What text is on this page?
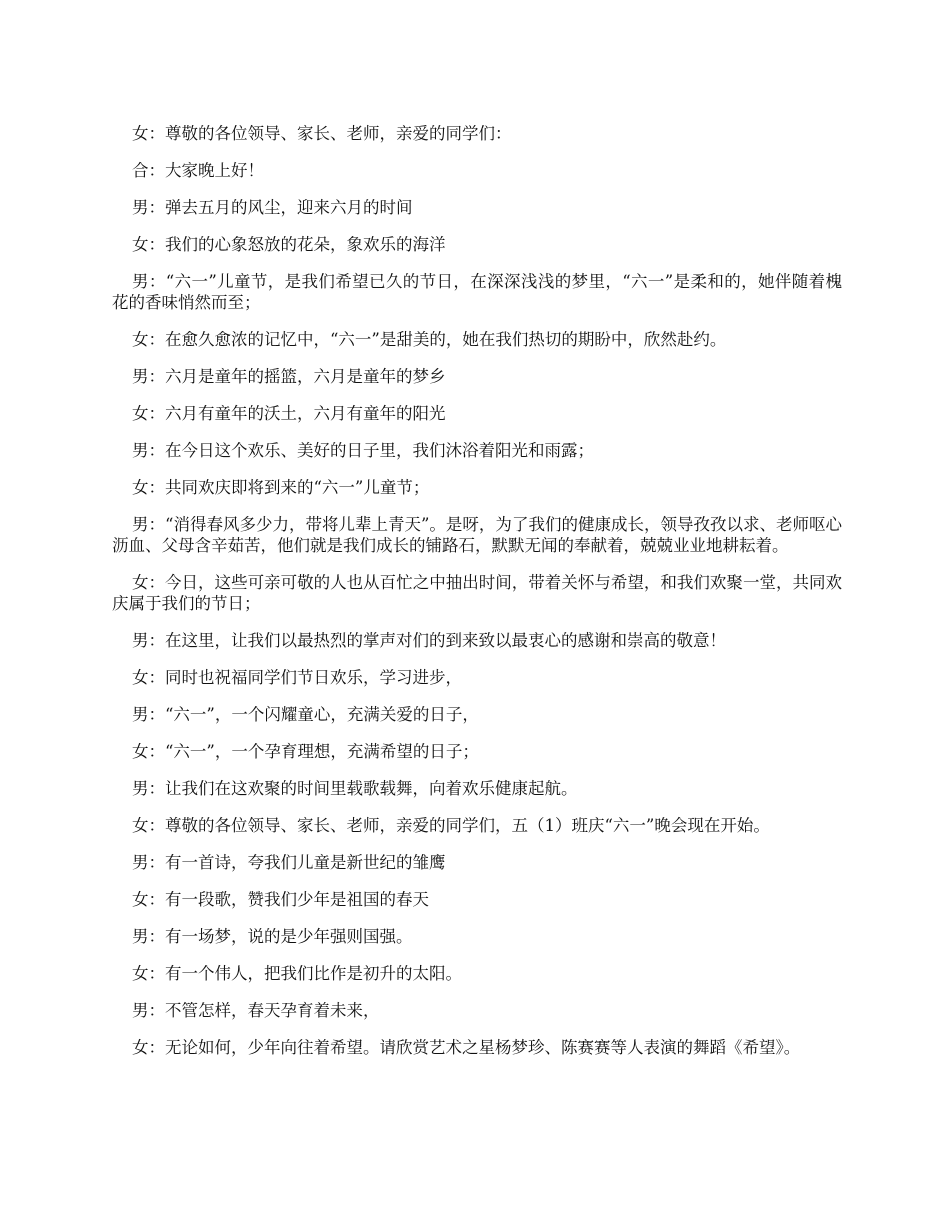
女：尊敬的各位领导、家长、老师，亲爱的同学们：

合：大家晚上好！

男：弹去五月的风尘，迎来六月的时间

女：我们的心象怒放的花朵，象欢乐的海洋

男：“六一”儿童节，是我们希望已久的节日，在深深浅浅的梦里，“六一”是柔和的，她伴随着槐花的香味悄然而至；

女：在愈久愈浓的记忆中，“六一”是甜美的，她在我们热切的期盼中，欣然赴约。

男：六月是童年的摇篮，六月是童年的梦乡

女：六月有童年的沃土，六月有童年的阳光

男：在今日这个欢乐、美好的日子里，我们沐浴着阳光和雨露；

女：共同欢庆即将到来的“六一”儿童节；

男：“消得春风多少力，带将儿辈上青天”。是呀，为了我们的健康成长，领导孜孜以求、老师呕心沥血、父母含辛茹苦，他们就是我们成长的铺路石，默默无闻的奉献着，兢兢业业地耕耘着。

女：今日，这些可亲可敬的人也从百忙之中抽出时间，带着关怀与希望，和我们欢聚一堂，共同欢庆属于我们的节日；

男：在这里，让我们以最热烈的掌声对们的到来致以最衷心的感谢和崇高的敬意！

女：同时也祝福同学们节日欢乐，学习进步，

男：“六一”，一个闪耀童心，充满关爱的日子，

女：“六一”，一个孕育理想，充满希望的日子；

男：让我们在这欢聚的时间里载歌载舞，向着欢乐健康起航。

女：尊敬的各位领导、家长、老师，亲爱的同学们，五（1）班庆“六一”晚会现在开始。

男：有一首诗，夸我们儿童是新世纪的雏鹰

女：有一段歌，赞我们少年是祖国的春天

男：有一场梦，说的是少年强则国强。

女：有一个伟人，把我们比作是初升的太阳。

男：不管怎样，春天孕育着未来，

女：无论如何，少年向往着希望。请欣赏艺术之星杨梦珍、陈赛赛等人表演的舞蹈《希望》。
